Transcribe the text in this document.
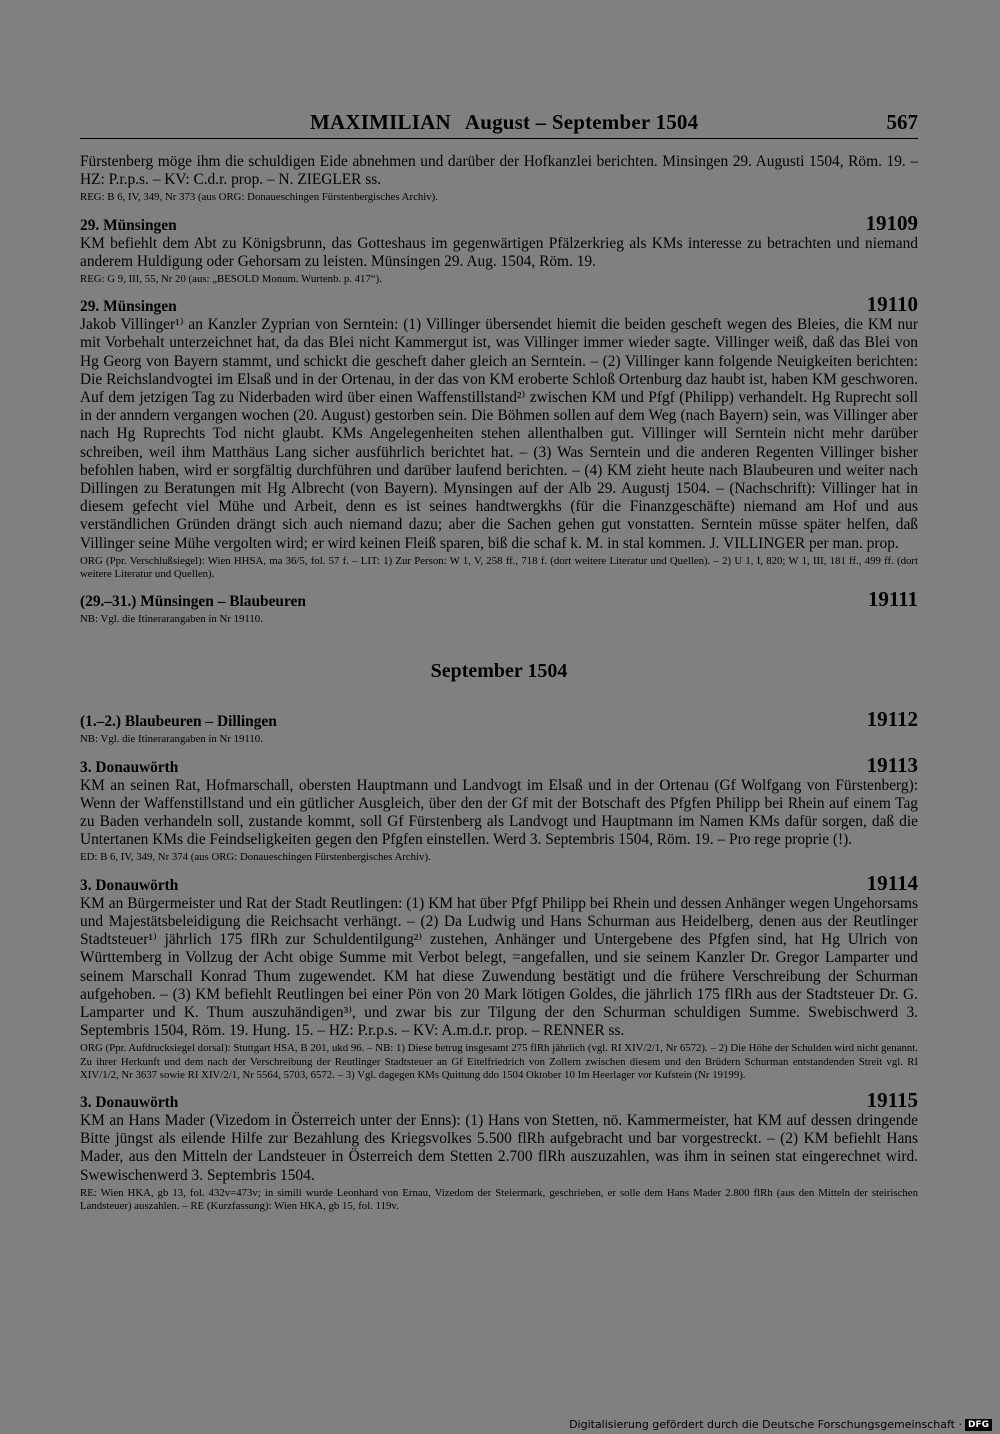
MAXIMILIAN August – September 1504	567
Fürstenberg möge ihm die schuldigen Eide abnehmen und darüber der Hofkanzlei berichten. Minsingen 29. Augusti 1504, Röm. 19. – HZ: P.r.p.s. – KV: C.d.r. prop. – N. ZIEGLER ss.
REG: B 6, IV, 349, Nr 373 (aus ORG: Donaueschingen Fürstenbergisches Archiv).
29. Münsingen	19109
KM befiehlt dem Abt zu Königsbrunn, das Gotteshaus im gegenwärtigen Pfälzerkrieg als KMs interesse zu betrachten und niemand anderem Huldigung oder Gehorsam zu leisten. Münsingen 29. Aug. 1504, Röm. 19.
REG: G 9, III, 55, Nr 20 (aus: „BESOLD Monum. Wurtenb. p. 417“).
29. Münsingen	19110
Jakob Villinger¹⁾ an Kanzler Zyprian von Serntein: (1) Villinger übersendet hiemit die beiden gescheft wegen des Bleies, die KM nur mit Vorbehalt unterzeichnet hat, da das Blei nicht Kammergut ist, was Villinger immer wieder sagte. Villinger weiß, daß das Blei von Hg Georg von Bayern stammt, und schickt die gescheft daher gleich an Serntein. – (2) Villinger kann folgende Neuigkeiten berichten: Die Reichslandvogtei im Elsaß und in der Ortenau, in der das von KM eroberte Schloß Ortenburg daz haubt ist, haben KM geschworen. Auf dem jetzigen Tag zu Niderbaden wird über einen Waffenstillstand²⁾ zwischen KM und Pfgf (Philipp) verhandelt. Hg Ruprecht soll in der anndern vergangen wochen (20. August) gestorben sein. Die Böhmen sollen auf dem Weg (nach Bayern) sein, was Villinger aber nach Hg Ruprechts Tod nicht glaubt. KMs Angelegenheiten stehen allenthalben gut. Villinger will Serntein nicht mehr darüber schreiben, weil ihm Matthäus Lang sicher ausführlich berichtet hat. – (3) Was Serntein und die anderen Regenten Villinger bisher befohlen haben, wird er sorgfältig durchführen und darüber laufend berichten. – (4) KM zieht heute nach Blaubeuren und weiter nach Dillingen zu Beratungen mit Hg Albrecht (von Bayern). Mynsingen auf der Alb 29. Augustj 1504. – (Nachschrift): Villinger hat in diesem gefecht viel Mühe und Arbeit, denn es ist seines handtwergkhs (für die Finanzgeschäfte) niemand am Hof und aus verständlichen Gründen drängt sich auch niemand dazu; aber die Sachen gehen gut vonstatten. Serntein müsse später helfen, daß Villinger seine Mühe vergolten wird; er wird keinen Fleiß sparen, biß die schaf k. M. in stal kommen. J. VILLINGER per man. prop.
ORG (Ppr. Verschlußsiegel): Wien HHSA, ma 36/5, fol. 57 f. – LIT: 1) Zur Person: W 1, V, 258 ff., 718 f. (dort weitere Literatur und Quellen). – 2) U 1, I, 820; W 1, III, 181 ff., 499 ff. (dort weitere Literatur und Quellen).
(29.–31.) Münsingen – Blaubeuren	19111
NB: Vgl. die Itinerarangaben in Nr 19110.
September 1504
(1.–2.) Blaubeuren – Dillingen	19112
NB: Vgl. die Itinerarangaben in Nr 19110.
3. Donauwörth	19113
KM an seinen Rat, Hofmarschall, obersten Hauptmann und Landvogt im Elsaß und in der Ortenau (Gf Wolfgang von Fürstenberg): Wenn der Waffenstillstand und ein gütlicher Ausgleich, über den der Gf mit der Botschaft des Pfgfen Philipp bei Rhein auf einem Tag zu Baden verhandeln soll, zustande kommt, soll Gf Fürstenberg als Landvogt und Hauptmann im Namen KMs dafür sorgen, daß die Untertanen KMs die Feindseligkeiten gegen den Pfgfen einstellen. Werd 3. Septembris 1504, Röm. 19. – Pro rege proprie (!).
ED: B 6, IV, 349, Nr 374 (aus ORG: Donaueschingen Fürstenbergisches Archiv).
3. Donauwörth	19114
KM an Bürgermeister und Rat der Stadt Reutlingen: (1) KM hat über Pfgf Philipp bei Rhein und dessen Anhänger wegen Ungehorsams und Majestätsbeleidigung die Reichsacht verhängt. – (2) Da Ludwig und Hans Schurman aus Heidelberg, denen aus der Reutlinger Stadtsteuer¹⁾ jährlich 175 flRh zur Schuldentilgung²⁾ zustehen, Anhänger und Untergebene des Pfgfen sind, hat Hg Ulrich von Württemberg in Vollzug der Acht obige Summe mit Verbot belegt, =angefallen, und sie seinem Kanzler Dr. Gregor Lamparter und seinem Marschall Konrad Thum zugewendet. KM hat diese Zuwendung bestätigt und die frühere Verschreibung der Schurman aufgehoben. – (3) KM befiehlt Reutlingen bei einer Pön von 20 Mark lötigen Goldes, die jährlich 175 flRh aus der Stadtsteuer Dr. G. Lamparter und K. Thum auszuhändigen³⁾, und zwar bis zur Tilgung der den Schurman schuldigen Summe. Swebischwerd 3. Septembris 1504, Röm. 19. Hung. 15. – HZ: P.r.p.s. – KV: A.m.d.r. prop. – RENNER ss.
ORG (Ppr. Aufdrucksiegel dorsal): Stuttgart HSA, B 201, ukd 96. – NB: 1) Diese betrug insgesamt 275 flRh jährlich (vgl. RI XIV/2/1, Nr 6572). – 2) Die Höhe der Schulden wird nicht genannt. Zu ihrer Herkunft und dem nach der Verschreibung der Reutlinger Stadtsteuer an Gf Eitelfriedrich von Zollern zwischen diesem und den Brüdern Schurman entstandenden Streit vgl. RI XIV/1/2, Nr 3637 sowie RI XIV/2/1, Nr 5564, 5703, 6572. – 3) Vgl. dagegen KMs Quittung ddo 1504 Oktober 10 Im Heerlager vor Kufstein (Nr 19199).
3. Donauwörth	19115
KM an Hans Mader (Vizedom in Österreich unter der Enns): (1) Hans von Stetten, nö. Kammermeister, hat KM auf dessen dringende Bitte jüngst als eilende Hilfe zur Bezahlung des Kriegsvolkes 5.500 flRh aufgebracht und bar vorgestreckt. – (2) KM befiehlt Hans Mader, aus den Mitteln der Landsteuer in Österreich dem Stetten 2.700 flRh auszuzahlen, was ihm in seinen stat eingerechnet wird. Swewischenwerd 3. Septembris 1504.
RE: Wien HKA, gb 13, fol. 432v=473v; in simili wurde Leonhard von Ernau, Vizedom der Steiermark, geschrieben, er solle dem Hans Mader 2.800 flRh (aus den Mitteln der steirischen Landsteuer) auszahlen. – RE (Kurzfassung): Wien HKA, gb 15, fol. 119v.
Digitalisierung gefördert durch die Deutsche Forschungsgemeinschaft · DFG
